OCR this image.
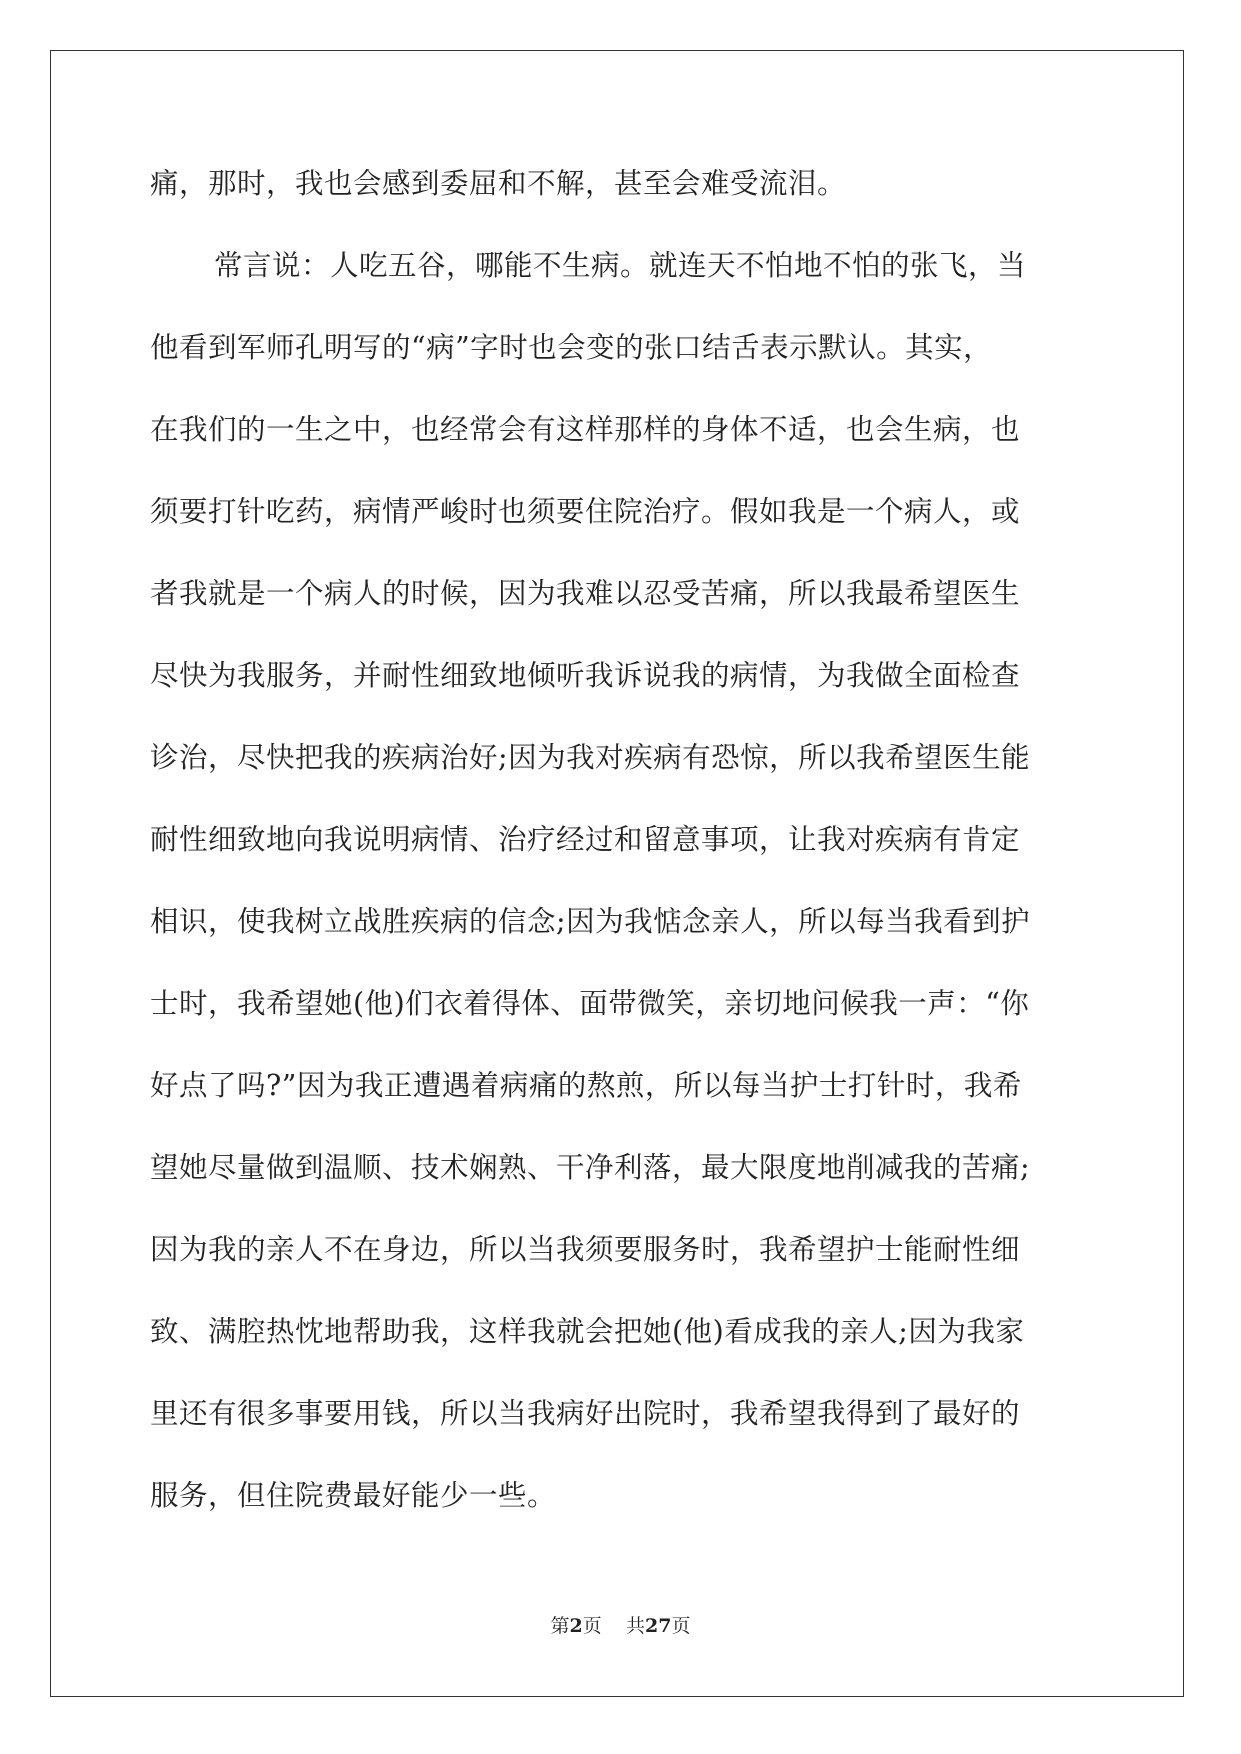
痛，那时，我也会感到委屈和不解，甚至会难受流泪。
常言说：人吃五谷，哪能不生病。就连天不怕地不怕的张飞，当
他看到军师孔明写的“病”字时也会变的张口结舌表示默认。其实，
在我们的一生之中，也经常会有这样那样的身体不适，也会生病，也
须要打针吃药，病情严峻时也须要住院治疗。假如我是一个病人，或
者我就是一个病人的时候，因为我难以忍受苦痛，所以我最希望医生
尽快为我服务，并耐性细致地倾听我诉说我的病情，为我做全面检查
诊治，尽快把我的疾病治好;因为我对疾病有恐惊，所以我希望医生能
耐性细致地向我说明病情、治疗经过和留意事项，让我对疾病有肯定
相识，使我树立战胜疾病的信念;因为我惦念亲人，所以每当我看到护
士时，我希望她(他)们衣着得体、面带微笑，亲切地问候我一声：“你
好点了吗?”因为我正遭遇着病痛的熬煎，所以每当护士打针时，我希
望她尽量做到温顺、技术娴熟、干净利落，最大限度地削减我的苦痛;
因为我的亲人不在身边，所以当我须要服务时，我希望护士能耐性细
致、满腔热忱地帮助我，这样我就会把她(他)看成我的亲人;因为我家
里还有很多事要用钱，所以当我病好出院时，我希望我得到了最好的
服务，但住院费最好能少一些。
第2页 共27页
